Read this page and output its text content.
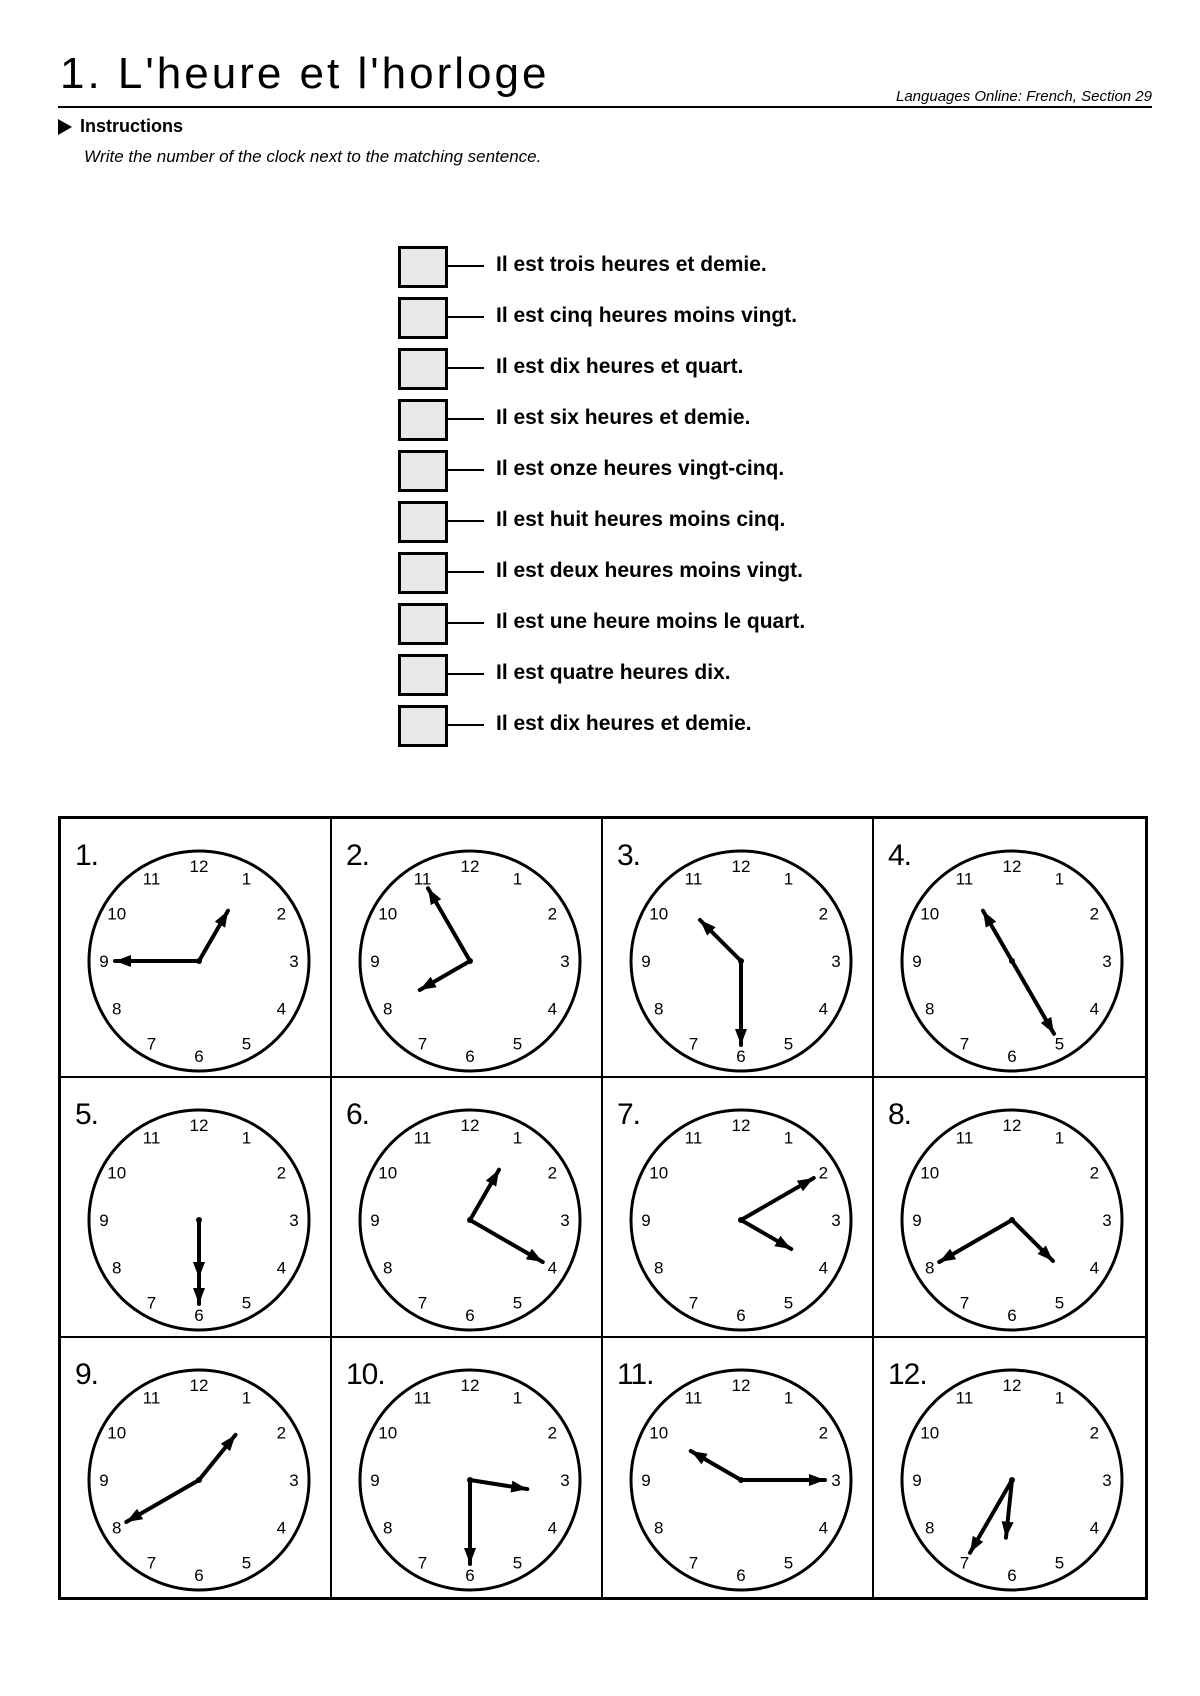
1. L'heure et l'horloge	Languages Online: French, Section 29
Instructions
Write the number of the clock next to the matching sentence.
Il est trois heures et demie.
Il est cinq heures moins vingt.
Il est dix heures et quart.
Il est six heures et demie.
Il est onze heures vingt-cinq.
Il est huit heures moins cinq.
Il est deux heures moins vingt.
Il est une heure moins le quart.
Il est quatre heures dix.
Il est dix heures et demie.
1.	12
1
2
3
4
5
6
7
8
9
10
11
2.	12
1
2
3
4
5
6
7
8
9
10
11
3.	12
1
2
3
4
5
6
7
8
9
10
11
4.	12
1
2
3
4
5
6
7
8
9
10
11
5.	12
1
2
3
4
5
6
7
8
9
10
11
6.	12
1
2
3
4
5
6
7
8
9
10
11
7.	12
1
2
3
4
5
6
7
8
9
10
11
8.	12
1
2
3
4
5
6
7
8
9
10
11
9.	12
1
2
3
4
5
6
7
8
9
10
11
10.	12
1
2
3
4
5
6
7
8
9
10
11
11.	12
1
2
3
4
5
6
7
8
9
10
11
12.	12
1
2
3
4
5
6
7
8
9
10
11
